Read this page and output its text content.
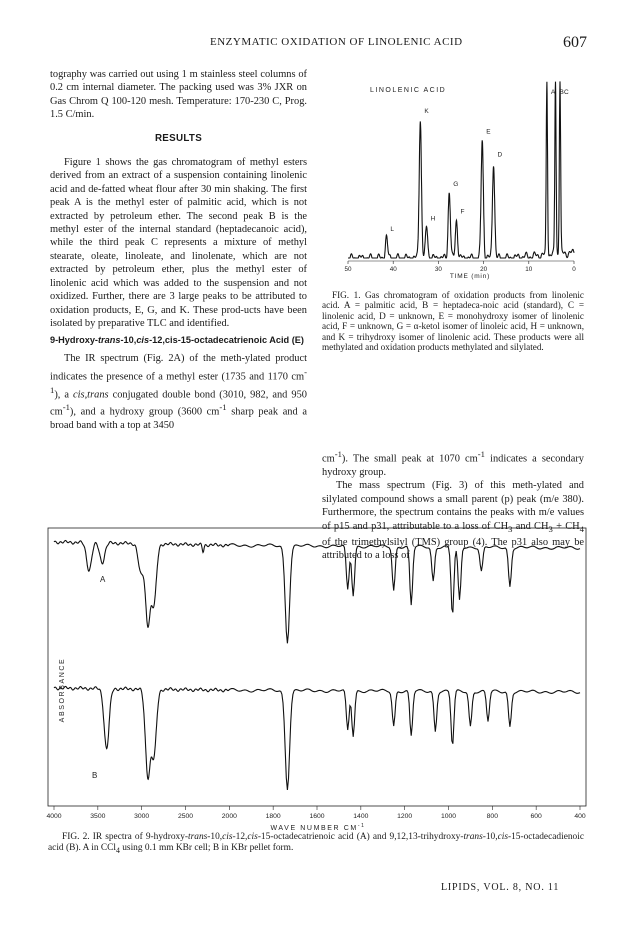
ENZYMATIC OXIDATION OF LINOLENIC ACID	607

tography was carried out using 1 m stainless steel columns of 0.2 cm internal diameter. The packing used was 3% JXR on Gas Chrom Q 100-120 mesh. Temperature: 170-230 C, Prog. 1.5 C/min.

RESULTS

Figure 1 shows the gas chromatogram of methyl esters derived from an extract of a suspension containing linolenic acid and de-fatted wheat flour after 30 min shaking. The first peak A is the methyl ester of palmitic acid, which is not extracted by petroleum ether. The second peak B is the methyl ester of the internal standard (heptadecanoic acid), while the third peak C represents a mixture of methyl stearate, oleate, linoleate, and linolenate, which are not extracted by petroleum ether, plus the methyl ester of linolenic acid which was added to the suspension and not oxidized. Further, there are 3 large peaks to be attributed to oxidation products, E, G, and K. These prod-ucts have been isolated by preparative TLC and identified.

9-Hydroxy-trans-10,cis-12,cis-15-octadecatrienoic Acid (E)

The IR spectrum (Fig. 2A) of the meth-ylated product indicates the presence of a methyl ester (1735 and 1170 $cm^{-1}$), a cis,trans conjugated double bond (3010, 982, and 950 $cm^{-1}$), and a hydroxy group (3600 $cm^{-1}$ sharp peak and a broad band with a top at 3450

LINOLENIC ACID
50	40	30	20	10	0
L
K
H
G
F
E
D
A B C
TIME (min)

FIG. 1. Gas chromatogram of oxidation products from linolenic acid. A = palmitic acid, B = heptadeca-noic acid (standard), C = linolenic acid, D = unknown, E = monohydroxy isomer of linolenic acid, F = unknown, G = α-ketol isomer of linoleic acid, H = unknown, and K = trihydroxy isomer of linolenic acid. These products were all methylated and oxidation products methylated and silylated.

$cm^{-1}$). The small peak at 1070 $cm^{-1}$ indicates a secondary hydroxy group.

The mass spectrum (Fig. 3) of this meth-ylated and silylated compound shows a small parent (p) peak (m/e 380). Furthermore, the spectrum contains the peaks with m/e values of p15 and p31, attributable to a loss of $CH_3$ and $CH_3 + CH_4$ of the trimethylsilyl (TMS) group (4). The p31 also may be attributed to a loss of

A
B
ABSORBANCE
4000	3500	3000	2500	2000	1800	1600	1400	1200	1000	800	600	400
WAVE NUMBER $CM^{-1}$

FIG. 2. IR spectra of 9-hydroxy-trans-10,cis-12,cis-15-octadecatrienoic acid (A) and 9,12,13-trihydroxy-trans-10,cis-15-octadecadienoic acid (B). A in CCl$_4$ using 0.1 mm KBr cell; B in KBr pellet form.

LIPIDS, VOL. 8, NO. 11
